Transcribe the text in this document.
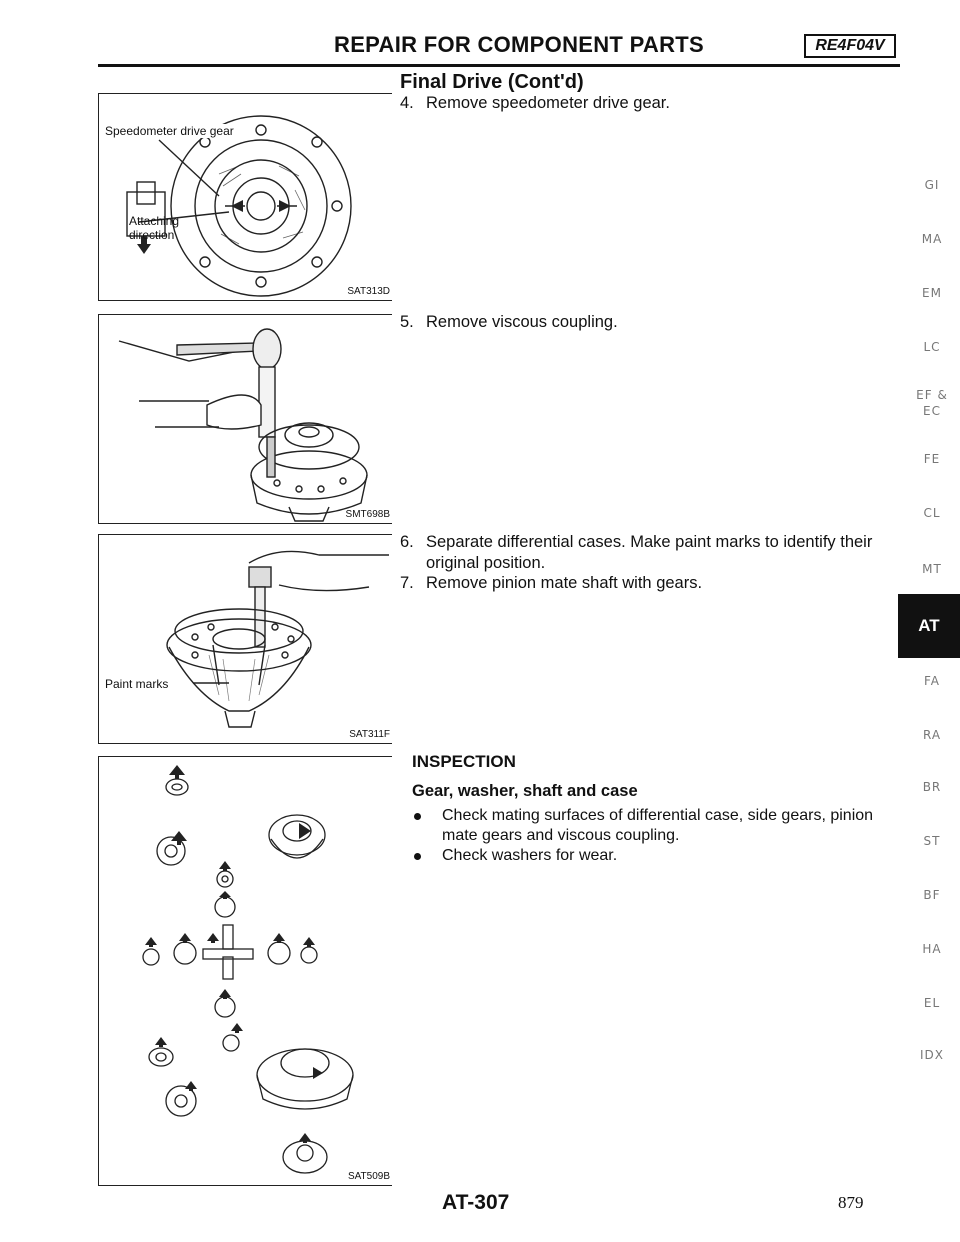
REPAIR FOR COMPONENT PARTS	RE4F04V
Final Drive (Cont'd)
Speedometer drive gear
Attaching
direction
SAT313D
SMT698B
Paint marks
SAT311F
SAT509B
4. Remove speedometer drive gear.
5. Remove viscous coupling.
6. Separate differential cases. Make paint marks to identify their original position.
7. Remove pinion mate shaft with gears.
INSPECTION
Gear, washer, shaft and case
Check mating surfaces of differential case, side gears, pinion mate gears and viscous coupling.
Check washers for wear.
GI
MA
EM
LC
EF &
EC
FE
CL
MT
FA
RA
BR
ST
BF
HA
EL
IDX
AT
AT-307	879
